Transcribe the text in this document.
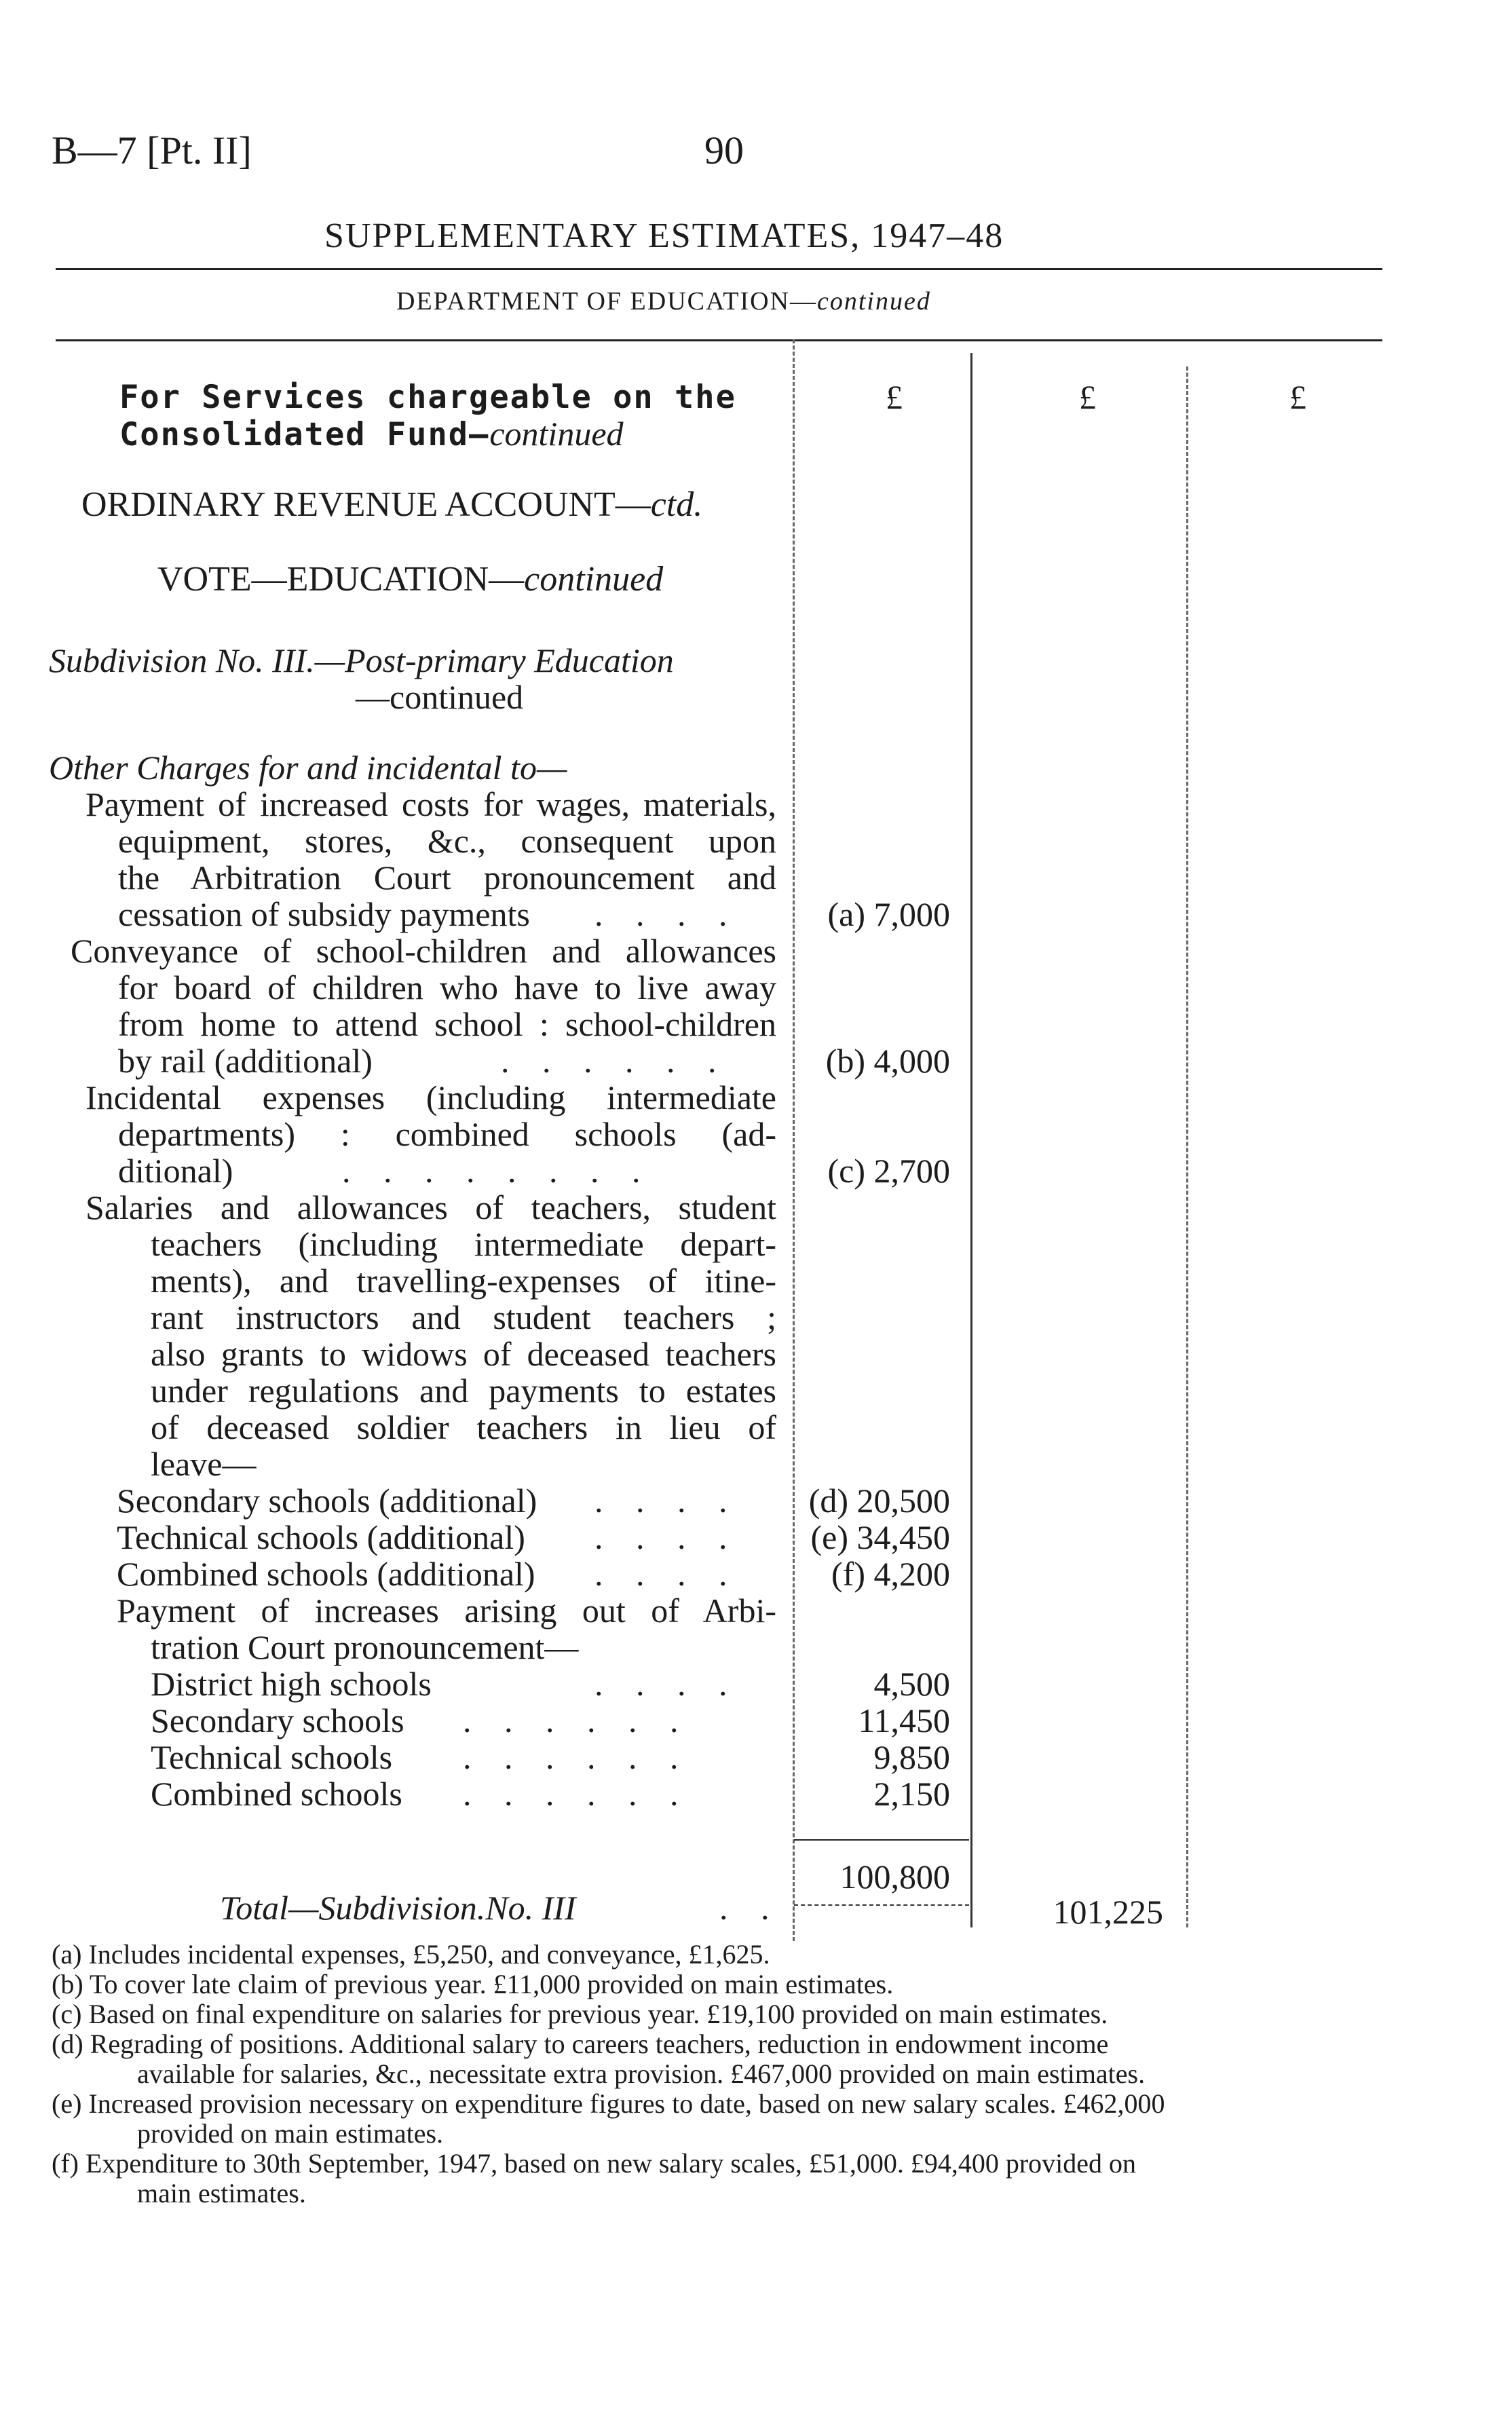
B—7 [Pt. II]	90
SUPPLEMENTARY ESTIMATES, 1947–48
DEPARTMENT OF EDUCATION—continued
£	£	£
For Services chargeable on the
Consolidated Fund—continued
ORDINARY REVENUE ACCOUNT—ctd.
VOTE—EDUCATION—continued
Subdivision No. III.—Post-primary Education
—continued
Other Charges for and incidental to—
Payment of increased costs for wages, materials,
equipment, stores, &c., consequent upon
the Arbitration Court pronouncement and
cessation of subsidy payments . . . .	(a) 7,000
Conveyance of school-children and allowances
for board of children who have to live away
from home to attend school : school-children
by rail (additional)	. . . . . .	(b) 4,000
Incidental expenses (including intermediate
departments) : combined schools (ad-
ditional)	. . . . . . . .	(c) 2,700
Salaries and allowances of teachers, student
teachers (including intermediate depart-
ments), and travelling-expenses of itine-
rant instructors and student teachers ;
also grants to widows of deceased teachers
under regulations and payments to estates
of deceased soldier teachers in lieu of
leave—
Secondary schools (additional) . . . .	(d) 20,500
Technical schools (additional) . . . .	(e) 34,450
Combined schools (additional) . . . .	(f) 4,200
Payment of increases arising out of Arbi-
tration Court pronouncement—
District high schools	. . . .	4,500
Secondary schools . . . . . .	11,450
Technical schools . . . . . .	9,850
Combined schools . . . . . .	2,150
100,800
Total—Subdivision.No. III	. .	101,225
(a) Includes incidental expenses, £5,250, and conveyance, £1,625.
(b) To cover late claim of previous year. £11,000 provided on main estimates.
(c) Based on final expenditure on salaries for previous year. £19,100 provided on main estimates.
(d) Regrading of positions. Additional salary to careers teachers, reduction in endowment income
available for salaries, &c., necessitate extra provision. £467,000 provided on main estimates.
(e) Increased provision necessary on expenditure figures to date, based on new salary scales. £462,000
provided on main estimates.
(f) Expenditure to 30th September, 1947, based on new salary scales, £51,000. £94,400 provided on
main estimates.
